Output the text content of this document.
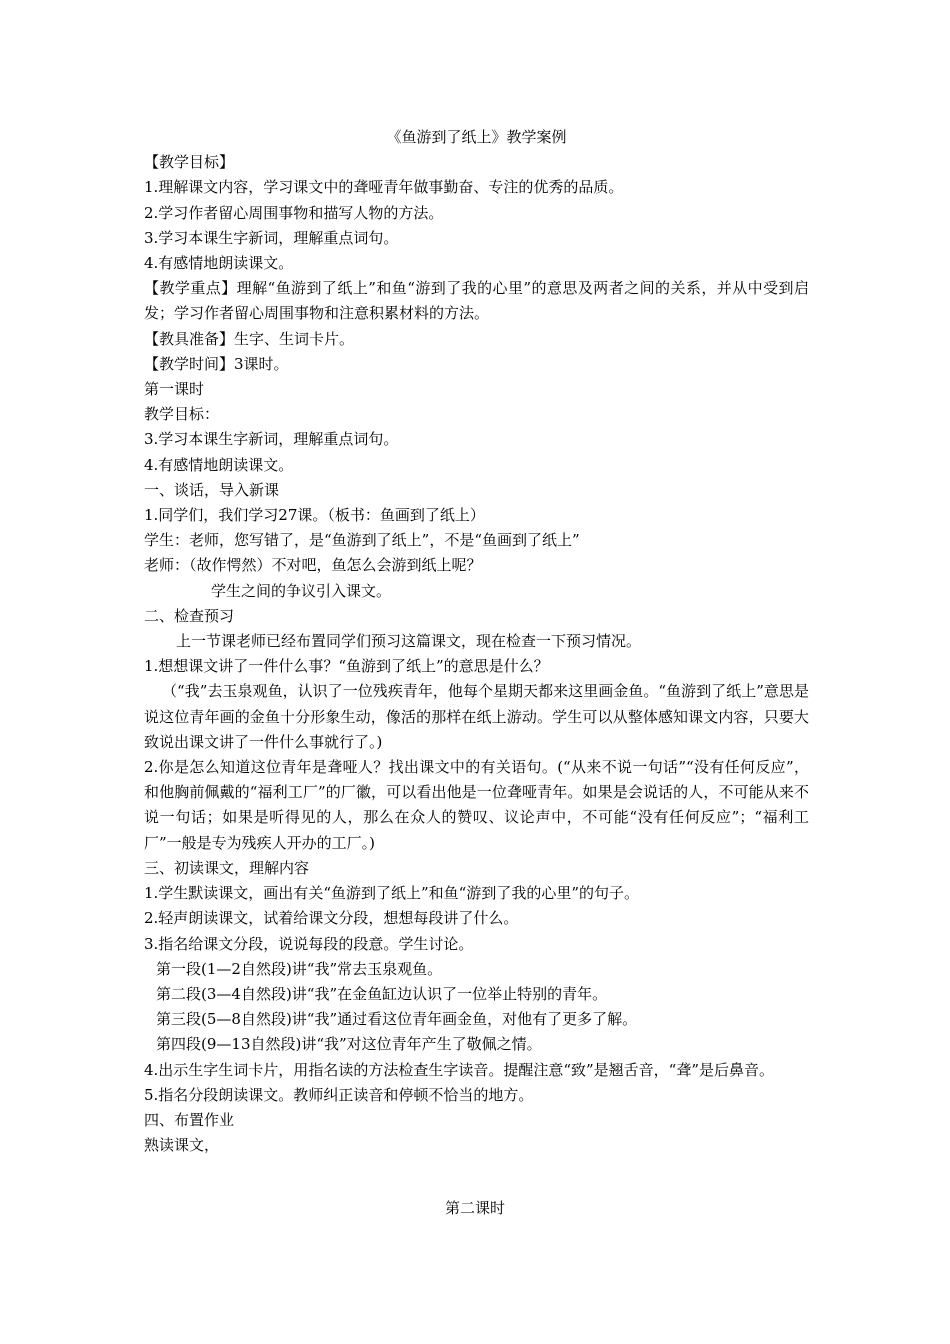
《鱼游到了纸上》教学案例

【教学目标】

1.理解课文内容，学习课文中的聋哑青年做事勤奋、专注的优秀的品质。

2.学习作者留心周围事物和描写人物的方法。

3.学习本课生字新词，理解重点词句。

4.有感情地朗读课文。

【教学重点】理解“鱼游到了纸上”和鱼“游到了我的心里”的意思及两者之间的关系，并从中受到启发；学习作者留心周围事物和注意积累材料的方法。

【教具准备】生字、生词卡片。

【教学时间】3课时。

第一课时

教学目标：

3.学习本课生字新词，理解重点词句。

4.有感情地朗读课文。

一、谈话，导入新课

1.同学们，我们学习27课。（板书：鱼画到了纸上）

学生：老师，您写错了，是“鱼游到了纸上”，不是“鱼画到了纸上”

老师：（故作愕然）不对吧，鱼怎么会游到纸上呢？

学生之间的争议引入课文。

二、检查预习

上一节课老师已经布置同学们预习这篇课文，现在检查一下预习情况。

1.想想课文讲了一件什么事？“鱼游到了纸上”的意思是什么？

（“我”去玉泉观鱼，认识了一位残疾青年，他每个星期天都来这里画金鱼。“鱼游到了纸上”意思是说这位青年画的金鱼十分形象生动，像活的那样在纸上游动。学生可以从整体感知课文内容，只要大致说出课文讲了一件什么事就行了。)

2.你是怎么知道这位青年是聋哑人？找出课文中的有关语句。(“从来不说一句话”“没有任何反应”，和他胸前佩戴的“福利工厂”的厂徽，可以看出他是一位聋哑青年。如果是会说话的人，不可能从来不说一句话；如果是听得见的人，那么在众人的赞叹、议论声中，不可能“没有任何反应”；“福利工厂”一般是专为残疾人开办的工厂。)

三、初读课文，理解内容

1.学生默读课文，画出有关“鱼游到了纸上”和鱼“游到了我的心里”的句子。

2.轻声朗读课文，试着给课文分段，想想每段讲了什么。

3.指名给课文分段，说说每段的段意。学生讨论。

第一段(1—2自然段)讲“我”常去玉泉观鱼。

第二段(3—4自然段)讲“我”在金鱼缸边认识了一位举止特别的青年。

第三段(5—8自然段)讲“我”通过看这位青年画金鱼，对他有了更多了解。

第四段(9—13自然段)讲“我”对这位青年产生了敬佩之情。

4.出示生字生词卡片，用指名读的方法检查生字读音。提醒注意“致”是翘舌音，“聋”是后鼻音。

5.指名分段朗读课文。教师纠正读音和停顿不恰当的地方。

四、布置作业

熟读课文，

第二课时
